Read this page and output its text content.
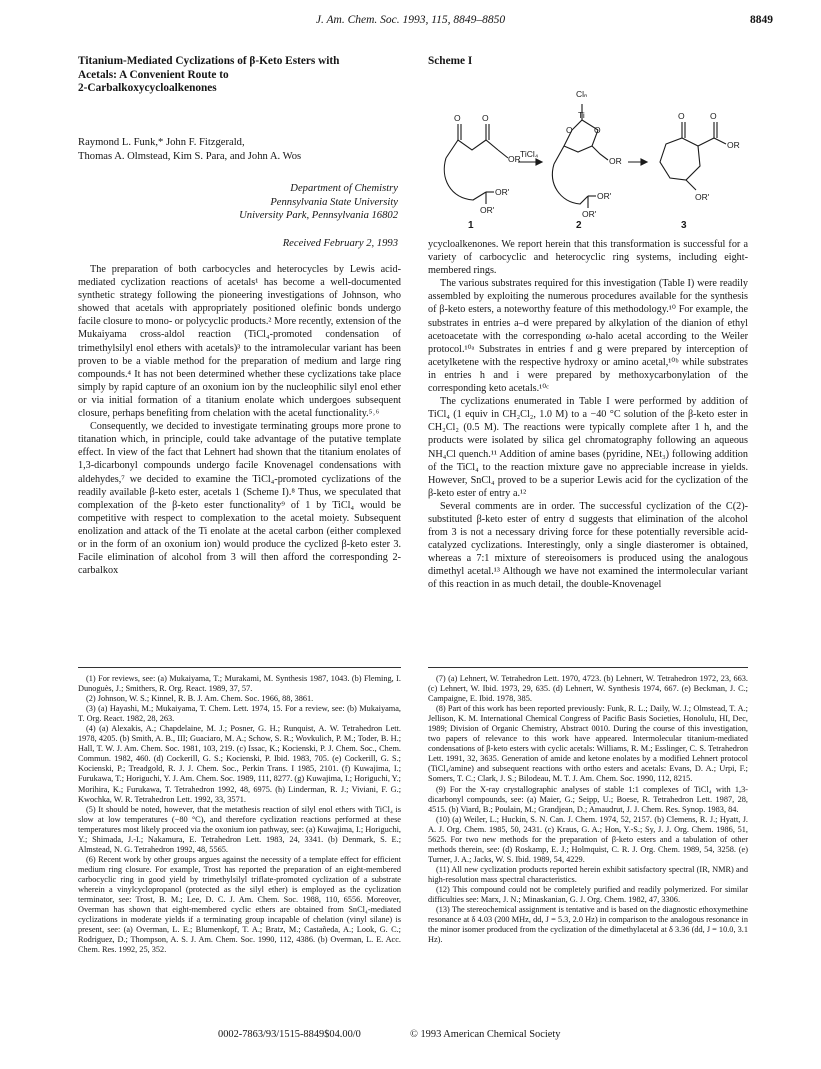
J. Am. Chem. Soc. 1993, 115, 8849–8850	8849
Titanium-Mediated Cyclizations of β-Keto Esters with
Acetals: A Convenient Route to
2-Carbalkoxycycloalkenones
Raymond L. Funk,* John F. Fitzgerald,
Thomas A. Olmstead, Kim S. Para, and John A. Wos
Department of Chemistry
Pennsylvania State University
University Park, Pennsylvania 16802
Received February 2, 1993

The preparation of both carbocycles and heterocycles by Lewis acid-mediated cyclization reactions of acetals¹ has become a well-documented synthetic strategy following the pioneering investigations of Johnson, who showed that acetals with appropriately positioned olefinic bonds undergo facile closure to mono- or polycyclic products.² More recently, extension of the Mukaiyama cross-aldol reaction (TiCl₄-promoted condensation of trimethylsilyl enol ethers with acetals)³ to the intramolecular variant has been proven to be a viable method for the preparation of medium and large ring compounds.⁴ It has not been determined whether these cyclizations take place simply by rapid capture of an oxonium ion by the nucleophilic silyl enol ether or via initial formation of a titanium enolate which undergoes subsequent closure, perhaps benefiting from chelation with the acetal functionality.⁵˒⁶

Consequently, we decided to investigate terminating groups more prone to titanation which, in principle, could take advantage of the putative template effect. In view of the fact that Lehnert had shown that the titanium enolates of 1,3-dicarbonyl compounds undergo facile Knovenagel condensations with aldehydes,⁷ we decided to examine the TiCl₄-promoted cyclizations of the readily available β-keto ester, acetals 1 (Scheme I).⁸ Thus, we speculated that complexation of the β-keto ester functionality⁹ of 1 by TiCl₄ would be competitive with respect to complexation to the acetal moiety. Subsequent enolization and attack of the Ti enolate at the acetal carbon (either complexed or in the form of an oxonium ion) would produce the cyclized β-keto ester 3. Facile elimination of alcohol from 3 will then afford the corresponding 2-carbalkox

Scheme I
O	O
OR
OR'
OR'
TiCl₄
Clₙ
Ti
O	O
OR
OR'
OR'
O	O
OR
OR'
1	2	3

ycycloalkenones. We report herein that this transformation is successful for a variety of carbocyclic and heterocyclic ring systems, including eight-membered rings.

The various substrates required for this investigation (Table I) were readily assembled by exploiting the numerous procedures available for the synthesis of β-keto esters, a noteworthy feature of this methodology.¹⁰ For example, the substrates in entries a–d were prepared by alkylation of the dianion of ethyl acetoacetate with the corresponding ω-halo acetal according to the Weiler protocol.¹⁰ᵃ Substrates in entries f and g were prepared by interception of acetylketene with the respective hydroxy or amino acetal,¹⁰ᵇ while substrates in entries h and i were prepared by methoxycarbonylation of the corresponding keto acetals.¹⁰ᶜ

The cyclizations enumerated in Table I were performed by addition of TiCl₄ (1 equiv in CH₂Cl₂, 1.0 M) to a −40 °C solution of the β-keto ester in CH₂Cl₂ (0.5 M). The reactions were typically complete after 1 h, and the products were isolated by silica gel chromatography following an aqueous NH₄Cl quench.¹¹ Addition of amine bases (pyridine, NEt₃) following addition of the TiCl₄ to the reaction mixture gave no appreciable increase in yields. However, SnCl₄ proved to be a superior Lewis acid for the cyclization of the β-keto ester of entry a.¹²

Several comments are in order. The successful cyclization of the C(2)-substituted β-keto ester of entry d suggests that elimination of the alcohol from 3 is not a necessary driving force for these potentially reversible acid-catalyzed cyclizations. Interestingly, only a single diasteromer is obtained, whereas a 7:1 mixture of stereoisomers is produced using the analogous dimethyl acetal.¹³ Although we have not examined the intermolecular variant of this reaction in as much detail, the double-Knovenagel

(1) For reviews, see: (a) Mukaiyama, T.; Murakami, M. Synthesis 1987, 1043. (b) Fleming, I. Dunoguès, J.; Smithers, R. Org. React. 1989, 37, 57.

(2) Johnson, W. S.; Kinnel, R. B. J. Am. Chem. Soc. 1966, 88, 3861.

(3) (a) Hayashi, M.; Mukaiyama, T. Chem. Lett. 1974, 15. For a review, see: (b) Mukaiyama, T. Org. React. 1982, 28, 263.

(4) (a) Alexakis, A.; Chapdelaine, M. J.; Posner, G. H.; Runquist, A. W. Tetrahedron Lett. 1978, 4205. (b) Smith, A. B., III; Guaciaro, M. A.; Schow, S. R.; Wovkulich, P. M.; Toder, B. H.; Hall, T. W. J. Am. Chem. Soc. 1981, 103, 219. (c) Issac, K.; Kocienski, P. J. Chem. Soc., Chem. Commun. 1982, 460. (d) Cockerill, G. S.; Kocienski, P. Ibid. 1983, 705. (e) Cockerill, G. S.; Kocienski, P.; Treadgold, R. J. J. Chem. Soc., Perkin Trans. I 1985, 2101. (f) Kuwajima, I.; Furukawa, T.; Horiguchi, Y. J. Am. Chem. Soc. 1989, 111, 8277. (g) Kuwajima, I.; Horiguchi, Y.; Morihira, K.; Furukawa, T. Tetrahedron 1992, 48, 6975. (h) Linderman, R. J.; Viviani, F. G.; Kwochka, W. R. Tetrahedron Lett. 1992, 33, 3571.

(5) It should be noted, however, that the metathesis reaction of silyl enol ethers with TiCl₄ is slow at low temperatures (−80 °C), and therefore cyclization reactions performed at these temperatures most likely proceed via the oxonium ion pathway, see: (a) Kuwajima, I.; Horiguchi, Y.; Shimada, J.-I.; Nakamura, E. Tetrahedron Lett. 1983, 24, 3341. (b) Denmark, S. E.; Almstead, N. G. Tetrahedron 1992, 48, 5565.

(6) Recent work by other groups argues against the necessity of a template effect for efficient medium ring closure. For example, Trost has reported the preparation of an eight-membered carbocyclic ring in good yield by trimethylsilyl triflate-promoted cyclization of a substrate wherein a vinylcyclopropanol (protected as the silyl ether) is employed as the cyclization terminator, see: Trost, B. M.; Lee, D. C. J. Am. Chem. Soc. 1988, 110, 6556. Moreover, Overman has shown that eight-membered cyclic ethers are obtained from SnCl₄-mediated cyclizations in moderate yields if a terminating group incapable of chelation (vinyl silane) is present, see: (a) Overman, L. E.; Blumenkopf, T. A.; Bratz, M.; Castañeda, A.; Look, G. C.; Rodriguez, D.; Thompson, A. S. J. Am. Chem. Soc. 1990, 112, 4386. (b) Overman, L. E. Acc. Chem. Res. 1992, 25, 352.

(7) (a) Lehnert, W. Tetrahedron Lett. 1970, 4723. (b) Lehnert, W. Tetrahedron 1972, 23, 663. (c) Lehnert, W. Ibid. 1973, 29, 635. (d) Lehnert, W. Synthesis 1974, 667. (e) Beckman, J. C.; Campaigne, E. Ibid. 1978, 385.

(8) Part of this work has been reported previously: Funk, R. L.; Daily, W. J.; Olmstead, T. A.; Jellison, K. M. International Chemical Congress of Pacific Basis Societies, Honolulu, HI, Dec, 1989; Division of Organic Chemistry, Abstract 0010. During the course of this investigation, two papers of relevance to this work have appeared. Intermolecular titanium-mediated condensations of β-keto esters with cyclic acetals: Williams, R. M.; Esslinger, C. S. Tetrahedron Lett. 1991, 32, 3635. Generation of amide and ketone enolates by a modified Lehnert protocol (TiCl₄/amine) and subsequent reactions with ortho esters and acetals: Evans, D. A.; Urpi, F.; Somers, T. C.; Clark, J. S.; Bilodeau, M. T. J. Am. Chem. Soc. 1990, 112, 8215.

(9) For the X-ray crystallographic analyses of stable 1:1 complexes of TiCl₄ with 1,3-dicarbonyl compounds, see: (a) Maier, G.; Seipp, U.; Boese, R. Tetrahedron Lett. 1987, 28, 4515. (b) Viard, B.; Poulain, M.; Grandjean, D.; Amaudrut, J. J. Chem. Res. Synop. 1983, 84.

(10) (a) Weiler, L.; Huckin, S. N. Can. J. Chem. 1974, 52, 2157. (b) Clemens, R. J.; Hyatt, J. A. J. Org. Chem. 1985, 50, 2431. (c) Kraus, G. A.; Hon, Y.-S.; Sy, J. J. Org. Chem. 1986, 51, 5625. For two new methods for the preparation of β-keto esters and a tabulation of other methods therein, see: (d) Roskamp, E. J.; Holmquist, C. R. J. Org. Chem. 1989, 54, 3258. (e) Turner, J. A.; Jacks, W. S. Ibid. 1989, 54, 4229.

(11) All new cyclization products reported herein exhibit satisfactory spectral (IR, NMR) and high-resolution mass spectral characteristics.

(12) This compound could not be completely purified and readily polymerized. For similar difficulties see: Marx, J. N.; Minaskanian, G. J. Org. Chem. 1982, 47, 3306.

(13) The stereochemical assignment is tentative and is based on the diagnostic ethoxymethine resonance at δ 4.03 (200 MHz, dd, J = 5.3, 2.0 Hz) in comparison to the analogous resonance in the minor isomer produced from the cyclization of the dimethylacetal at δ 3.36 (dd, J = 10.0, 3.1 Hz).

0002-7863/93/1515-8849$04.00/0	© 1993 American Chemical Society
